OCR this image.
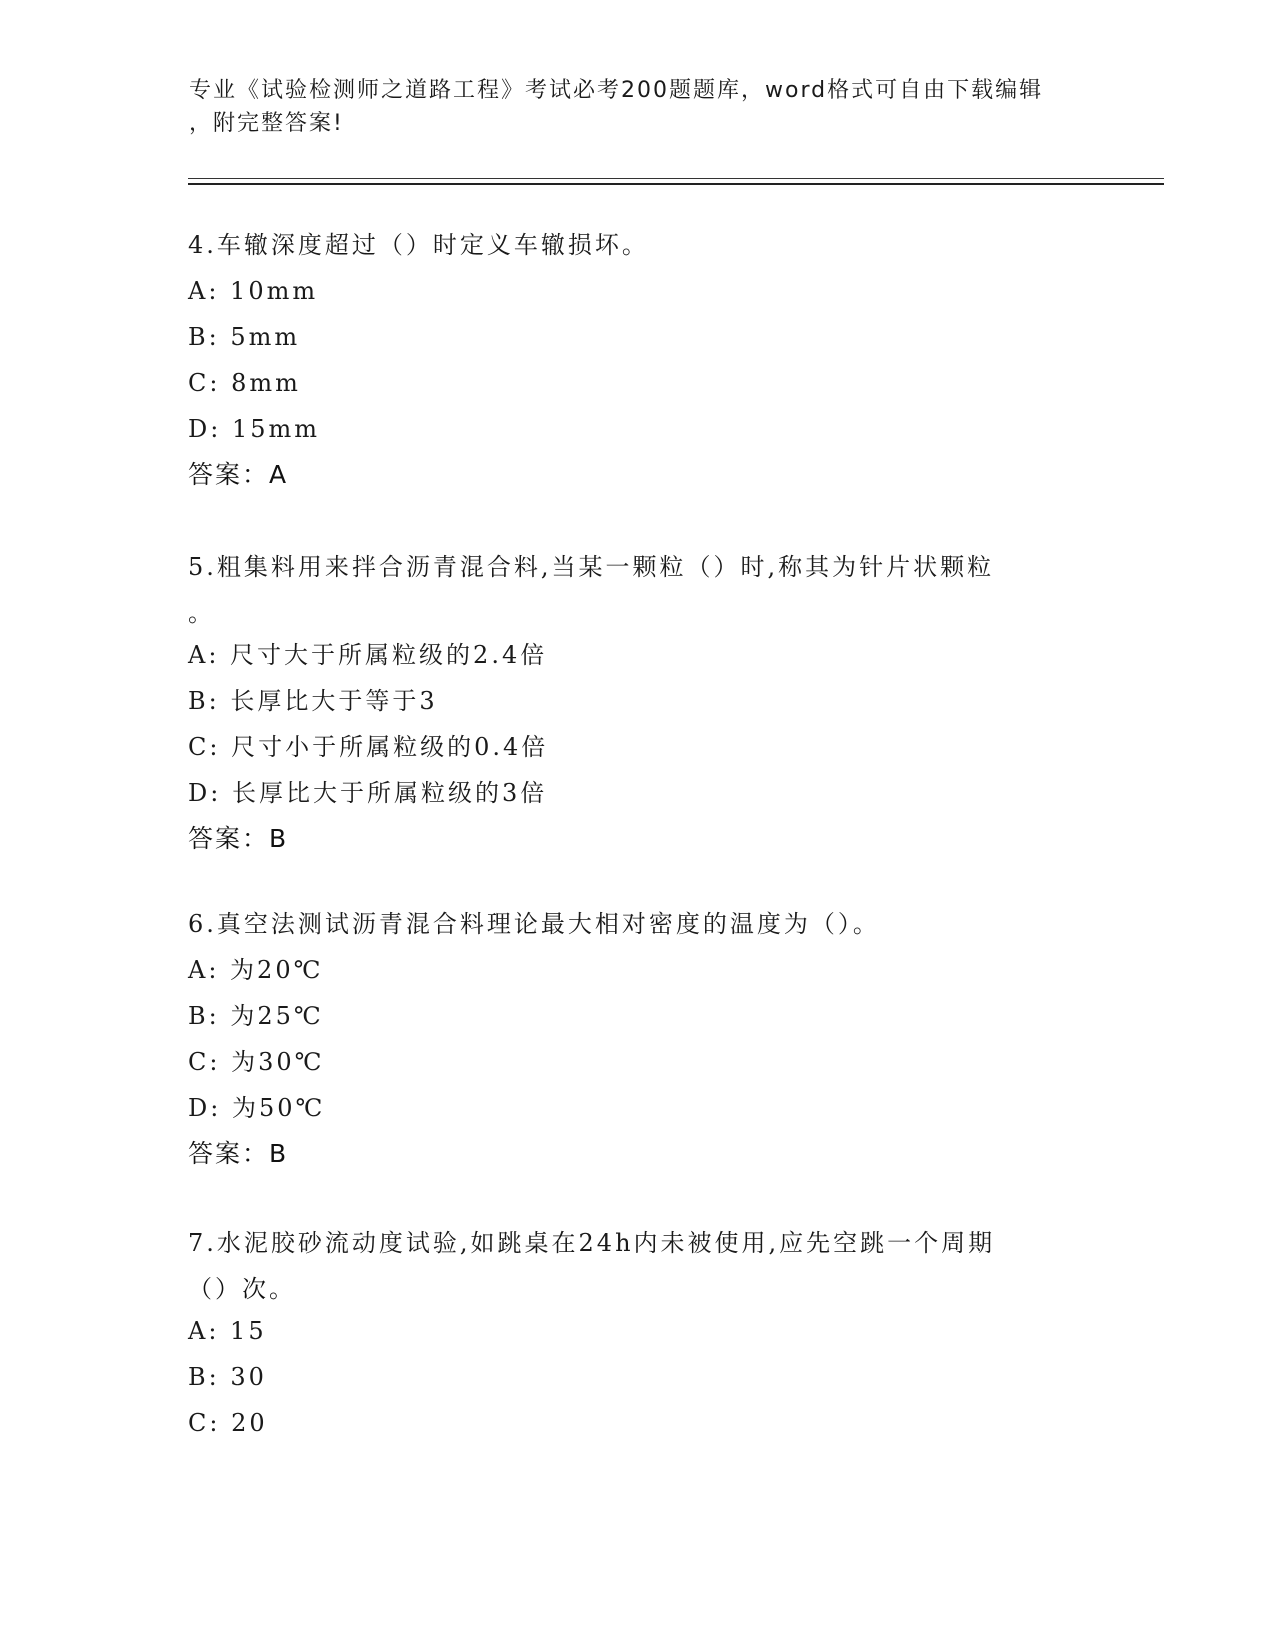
专业《试验检测师之道路工程》考试必考200题题库，word格式可自由下载编辑
，附完整答案!
4.车辙深度超过（）时定义车辙损坏。
A: 10mm
B: 5mm
C: 8mm
D: 15mm
答案：A
5.粗集料用来拌合沥青混合料,当某一颗粒（）时,称其为针片状颗粒
。
A: 尺寸大于所属粒级的2.4倍
B: 长厚比大于等于3
C: 尺寸小于所属粒级的0.4倍
D: 长厚比大于所属粒级的3倍
答案：B
6.真空法测试沥青混合料理论最大相对密度的温度为（）。
A: 为20℃
B: 为25℃
C: 为30℃
D: 为50℃
答案：B
7.水泥胶砂流动度试验,如跳桌在24h内未被使用,应先空跳一个周期
（）次。
A: 15
B: 30
C: 20
